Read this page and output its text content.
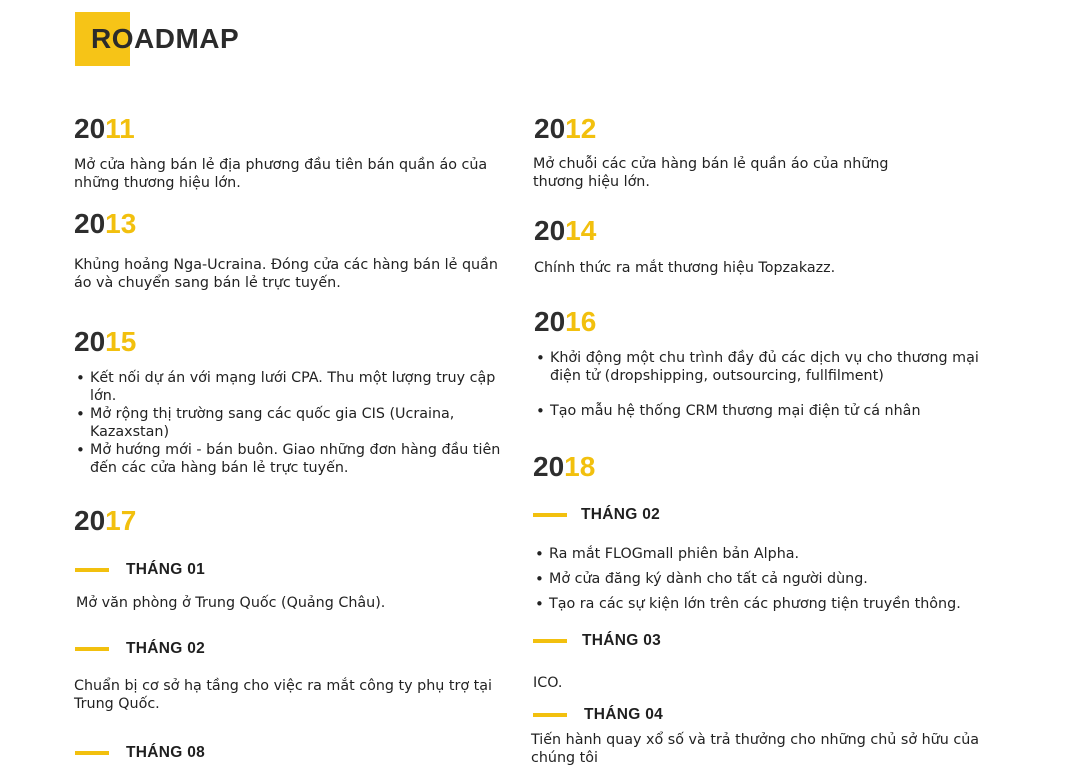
ROADMAP
2011
Mở cửa hàng bán lẻ địa phương đầu tiên bán quần áo của những thương hiệu lớn.
2013
Khủng hoảng Nga-Ucraina. Đóng cửa các hàng bán lẻ quần áo và chuyển sang bán lẻ trực tuyến.
2015
• Kết nối dự án với mạng lưới CPA. Thu một lượng truy cập lớn.
• Mở rộng thị trường sang các quốc gia CIS (Ucraina, Kazaxstan)
• Mở hướng mới - bán buôn. Giao những đơn hàng đầu tiên đến các cửa hàng bán lẻ trực tuyến.
2017
THÁNG 01
Mở văn phòng ở Trung Quốc (Quảng Châu).
THÁNG 02
Chuẩn bị cơ sở hạ tầng cho việc ra mắt công ty phụ trợ tại Trung Quốc.
THÁNG 08
2012
Mở chuỗi các cửa hàng bán lẻ quần áo của những thương hiệu lớn.
2014
Chính thức ra mắt thương hiệu Topzakazz.
2016
• Khởi động một chu trình đầy đủ các dịch vụ cho thương mại điện tử (dropshipping, outsourcing, fullfilment)
• Tạo mẫu hệ thống CRM thương mại điện tử cá nhân
2018
THÁNG 02
• Ra mắt FLOGmall phiên bản Alpha.
• Mở cửa đăng ký dành cho tất cả người dùng.
• Tạo ra các sự kiện lớn trên các phương tiện truyền thông.
THÁNG 03
ICO.
THÁNG 04
Tiến hành quay xổ số và trả thưởng cho những chủ sở hữu của chúng tôi
